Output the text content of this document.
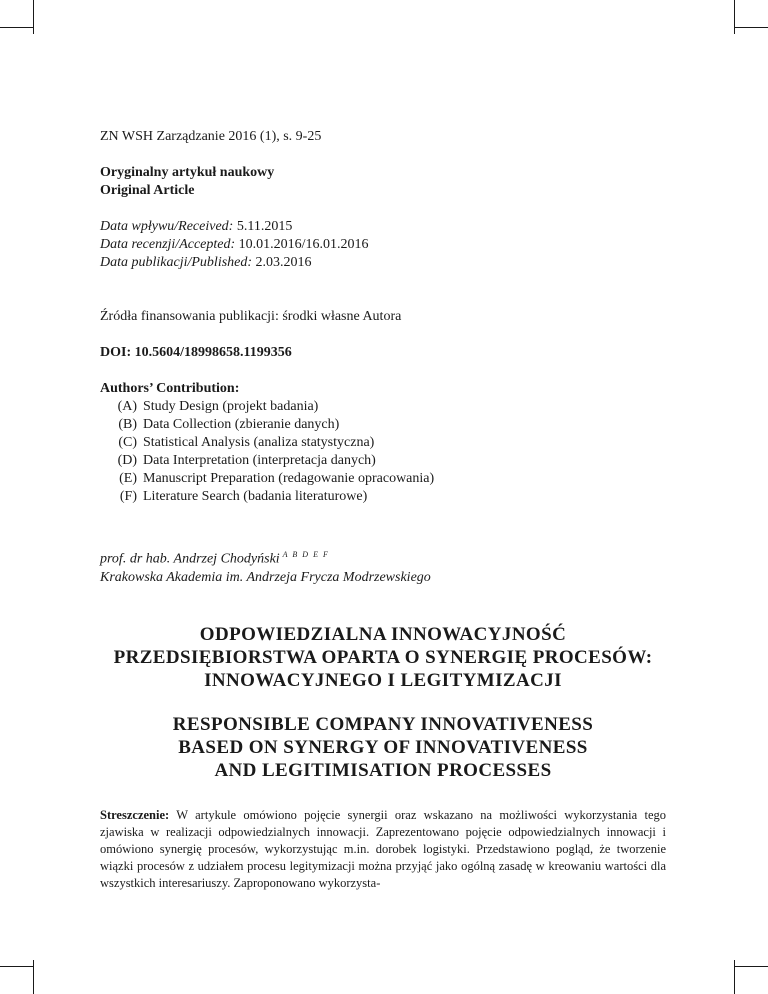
ZN WSH Zarządzanie 2016 (1), s. 9-25
Oryginalny artykuł naukowy
Original Article
Data wpływu/Received: 5.11.2015
Data recenzji/Accepted: 10.01.2016/16.01.2016
Data publikacji/Published: 2.03.2016
Źródła finansowania publikacji: środki własne Autora
DOI: 10.5604/18998658.1199356
Authors’ Contribution:
(A) Study Design (projekt badania)
(B) Data Collection (zbieranie danych)
(C) Statistical Analysis (analiza statystyczna)
(D) Data Interpretation (interpretacja danych)
(E) Manuscript Preparation (redagowanie opracowania)
(F) Literature Search (badania literaturowe)
prof. dr hab. Andrzej Chodyński $^{A B D E F}$
Krakowska Akademia im. Andrzeja Frycza Modrzewskiego
ODPOWIEDZIALNA INNOWACYJNOŚĆ
PRZEDSIĘBIORSTWA OPARTA O SYNERGIĘ PROCESÓW:
INNOWACYJNEGO I LEGITYMIZACJI
RESPONSIBLE COMPANY INNOVATIVENESS
BASED ON SYNERGY OF INNOVATIVENESS
AND LEGITIMISATION PROCESSES
Streszczenie: W artykule omówiono pojęcie synergii oraz wskazano na możliwości wykorzystania tego zjawiska w realizacji odpowiedzialnych innowacji. Zaprezentowano pojęcie odpowiedzialnych innowacji i omówiono synergię procesów, wykorzystując m.in. dorobek logistyki. Przedstawiono pogląd, że tworzenie wiązki procesów z udziałem procesu legitymizacji można przyjąć jako ogólną zasadę w kreowaniu wartości dla wszystkich interesariuszy. Zaproponowano wykorzysta-
